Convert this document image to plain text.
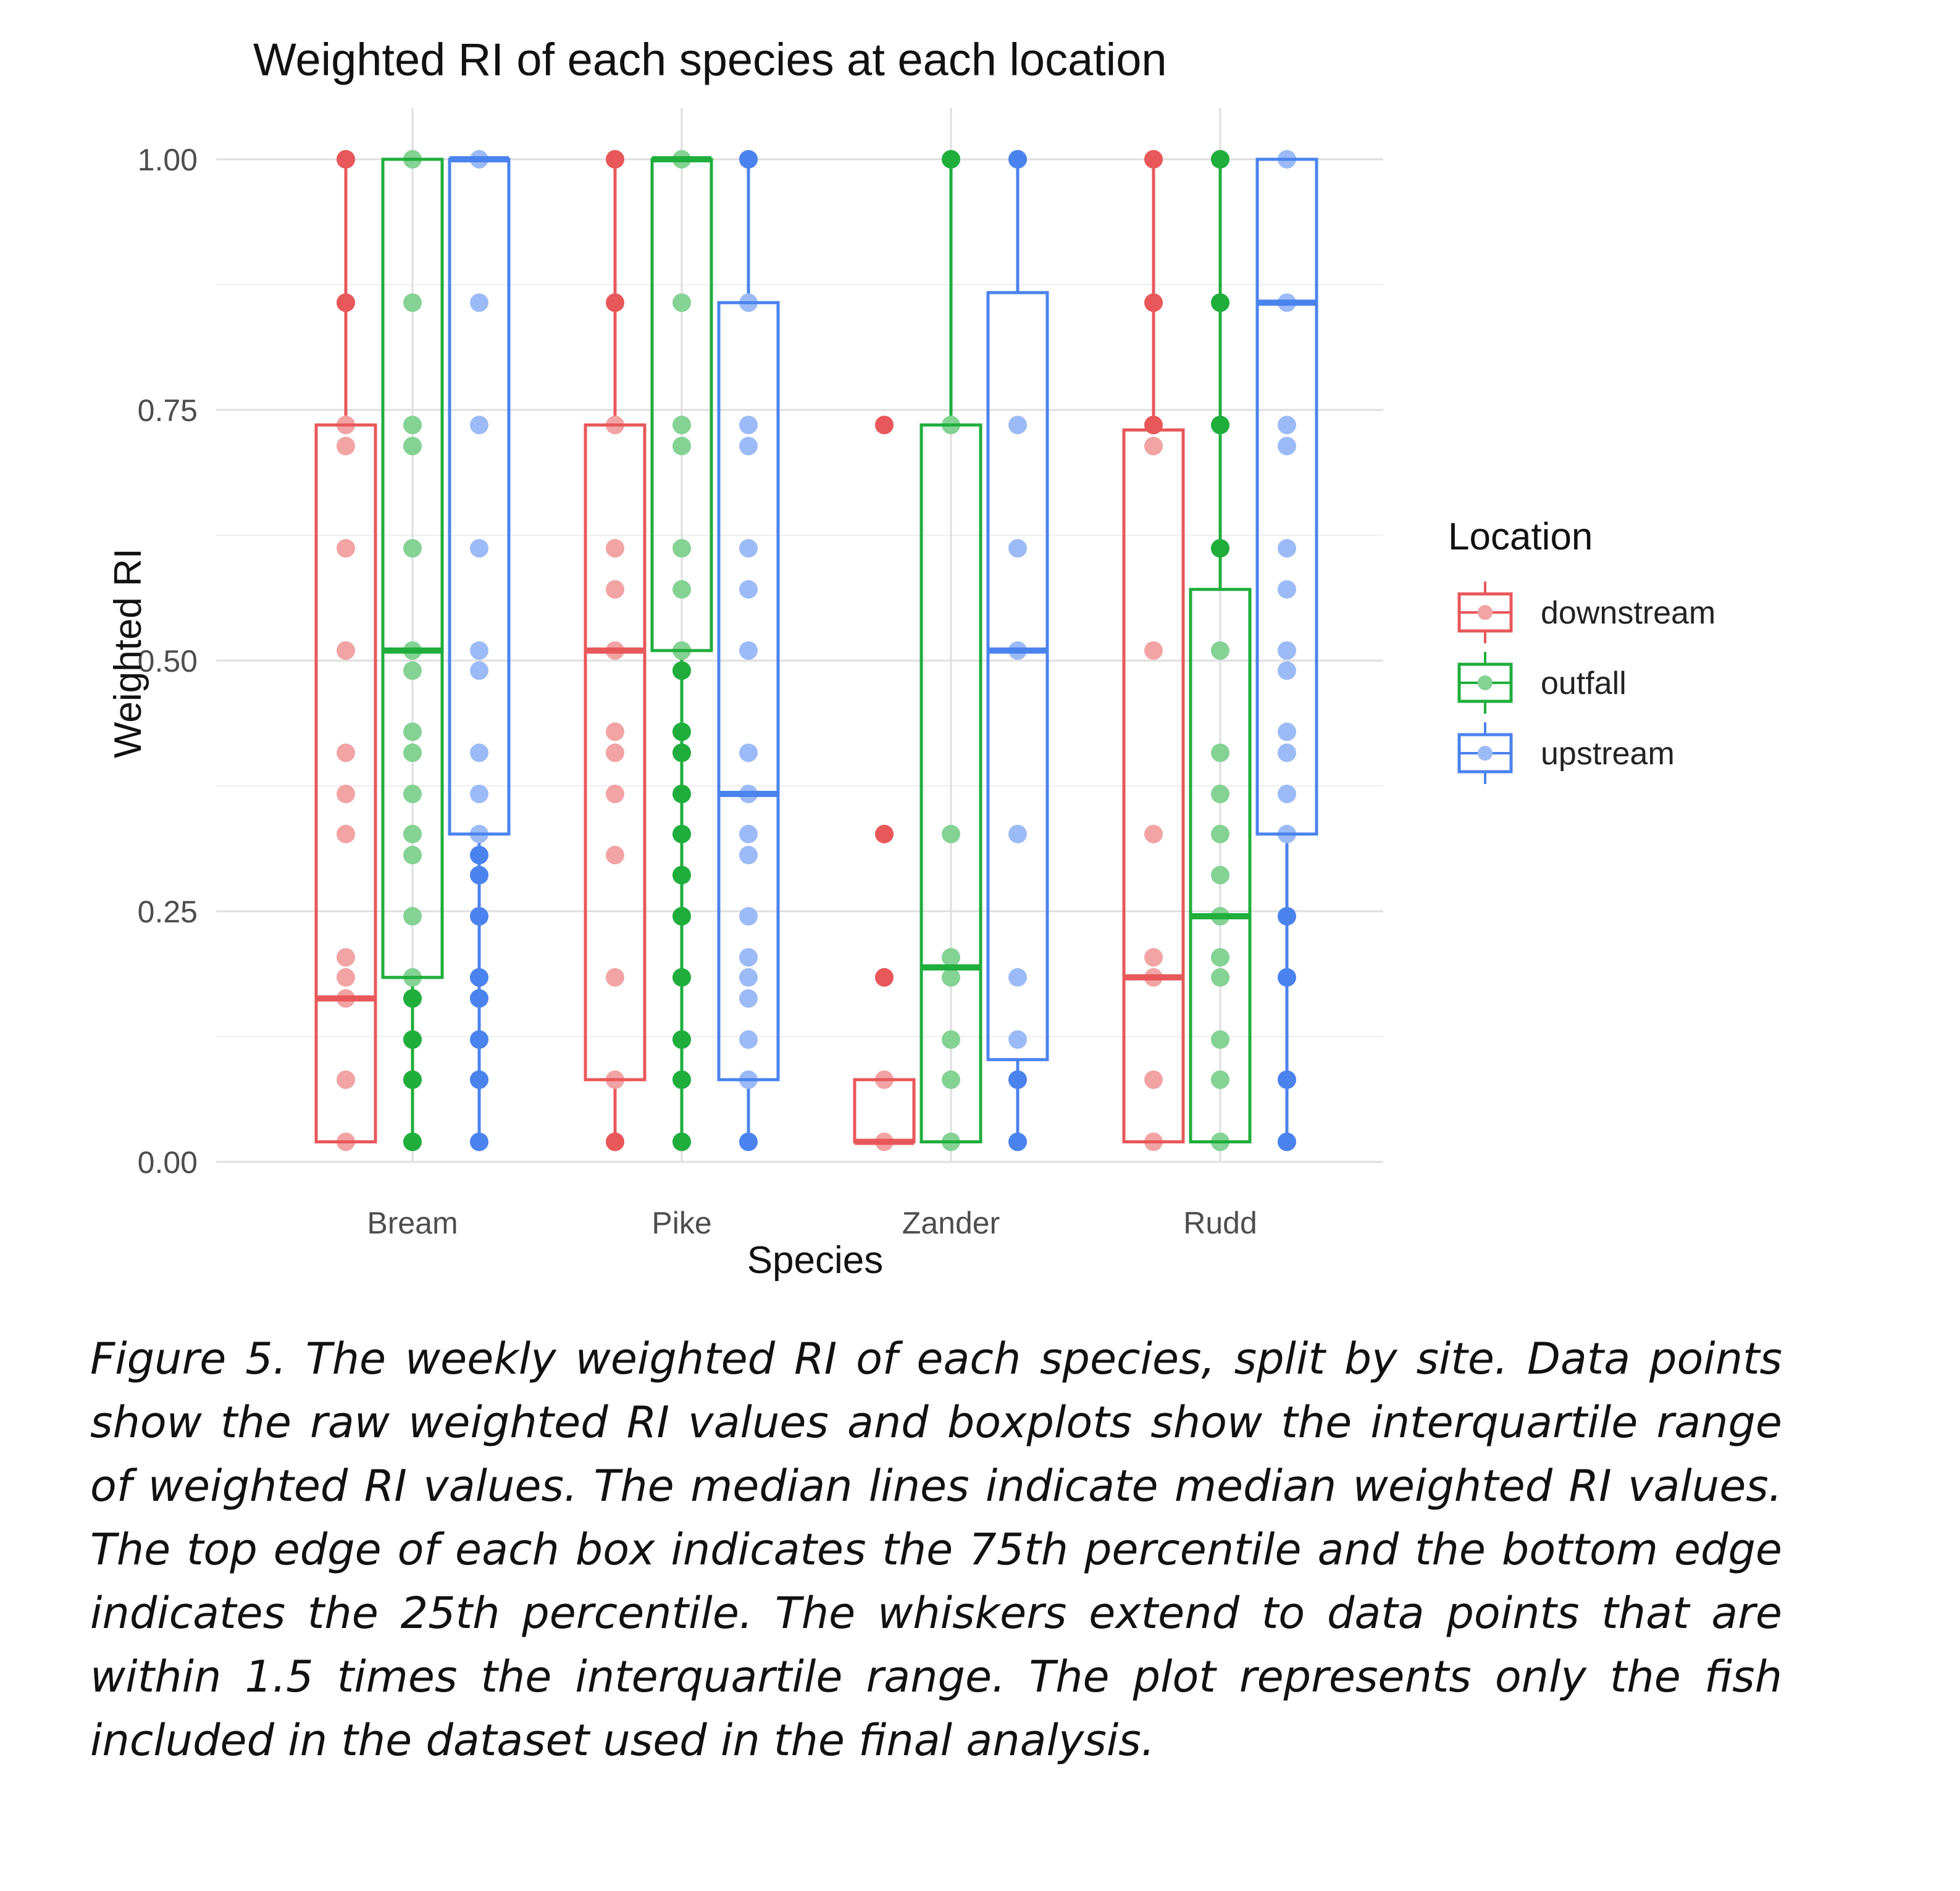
0.00
0.25
0.50
0.75
1.00
Bream	Pike	Zander	Rudd
Weighted RI of each species at each location
Species
Weighted RI
Location
downstream
outfall
upstream

Figure 5. The weekly weighted RI of each species, split by site. Data points show the raw weighted RI values and boxplots show the interquartile range of weighted RI values. The median lines indicate median weighted RI values. The top edge of each box indicates the 75th percentile and the bottom edge indicates the 25th percentile. The whiskers extend to data points that are within 1.5 times the interquartile range. The plot represents only the fish included in the dataset used in the final analysis.
